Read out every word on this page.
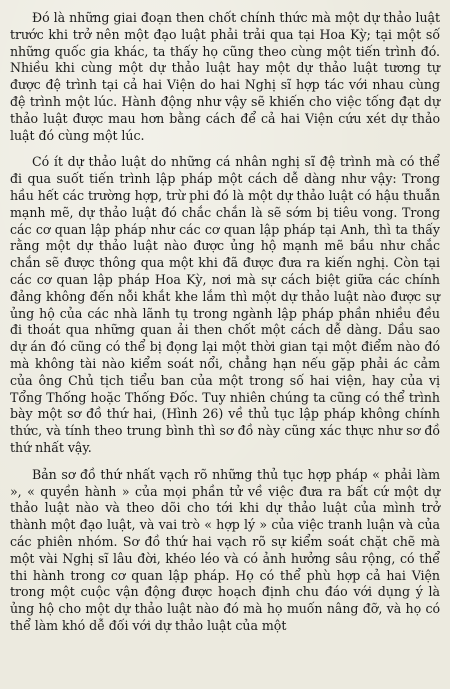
Đó là những giai đoạn then chốt chính thức mà một dự thảo luật trước khi trở nên một đạo luật phải trải qua tại Hoa Kỳ; tại một số những quốc gia khác, ta thấy họ cũng theo cùng một tiến trình đó. Nhiều khi cùng một dự thảo luật hay một dự thảo luật tương tự được đệ trình tại cả hai Viện do hai Nghị sĩ hợp tác với nhau cùng đệ trình một lúc. Hành động như vậy sẽ khiến cho việc tống đạt dự thảo luật được mau hơn bằng cách để cả hai Viện cứu xét dự thảo luật đó cùng một lúc.

Có ít dự thảo luật do những cá nhân nghị sĩ đệ trình mà có thể đi qua suốt tiến trình lập pháp một cách dễ dàng như vậy: Trong hầu hết các trường hợp, trừ phi đó là một dự thảo luật có hậu thuẫn mạnh mẽ, dự thảo luật đó chắc chắn là sẽ sớm bị tiêu vong. Trong các cơ quan lập pháp như các cơ quan lập pháp tại Anh, thì ta thấy rằng một dự thảo luật nào được ủng hộ mạnh mẽ bầu như chắc chắn sẽ được thông qua một khi đã được đưa ra kiến nghị. Còn tại các cơ quan lập pháp Hoa Kỳ, nơi mà sự cách biệt giữa các chính đảng không đến nỗi khắt khe lắm thì một dự thảo luật nào được sự ủng hộ của các nhà lãnh tụ trong ngành lập pháp phần nhiều đều đi thoát qua những quan ải then chốt một cách dễ dàng. Dầu sao dự án đó cũng có thể bị đọng lại một thời gian tại một điểm nào đó mà không tài nào kiểm soát nổi, chẳng hạn nếu gặp phải ác cảm của ông Chủ tịch tiểu ban của một trong số hai viện, hay của vị Tổng Thống hoặc Thống Đốc. Tuy nhiên chúng ta cũng có thể trình bày một sơ đồ thứ hai, (Hình 26) về thủ tục lập pháp không chính thức, và tính theo trung bình thì sơ đồ này cũng xác thực như sơ đồ thứ nhất vậy.

Bản sơ đồ thứ nhất vạch rõ những thủ tục hợp pháp « phải làm », « quyền hành » của mọi phần tử về việc đưa ra bất cứ một dự thảo luật nào và theo dõi cho tới khi dự thảo luật của mình trở thành một đạo luật, và vai trò « hợp lý » của việc tranh luận và của các phiên nhóm. Sơ đồ thứ hai vạch rõ sự kiểm soát chặt chẽ mà một vài Nghị sĩ lâu đời, khéo léo và có ảnh hưởng sâu rộng, có thể thi hành trong cơ quan lập pháp. Họ có thể phù hợp cả hai Viện trong một cuộc vận động được hoạch định chu đáo với dụng ý là ủng hộ cho một dự thảo luật nào đó mà họ muốn nâng đỡ, và họ có thể làm khó dễ đối với dự thảo luật của một
